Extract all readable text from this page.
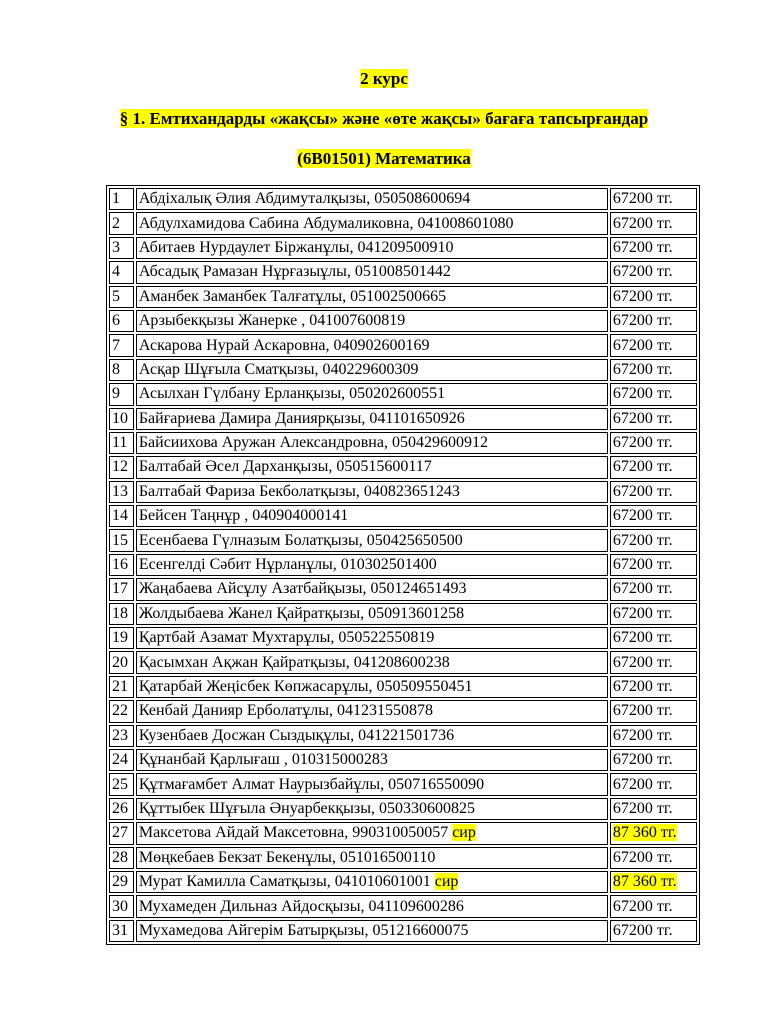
2 курс
§ 1. Емтихандарды «жақсы» және «өте жақсы» бағаға тапсырғандар
(6В01501) Математика
1	Абдіхалық Әлия Абдимуталқызы, 050508600694	67200 тг.
2	Абдулхамидова Сабина Абдумаликовна, 041008601080	67200 тг.
3	Абитаев Нурдаулет Біржанұлы, 041209500910	67200 тг.
4	Абсадық Рамазан Нұрғазыұлы, 051008501442	67200 тг.
5	Аманбек Заманбек Талғатұлы, 051002500665	67200 тг.
6	Арзыбекқызы Жанерке , 041007600819	67200 тг.
7	Аскарова Нурай Аскаровна, 040902600169	67200 тг.
8	Асқар Шұғыла Сматқызы, 040229600309	67200 тг.
9	Асылхан Гүлбану Ерланқызы, 050202600551	67200 тг.
10	Байғариева Дамира Даниярқызы, 041101650926	67200 тг.
11	Байсиихова Аружан Александровна, 050429600912	67200 тг.
12	Балтабай Әсел Дарханқызы, 050515600117	67200 тг.
13	Балтабай Фариза Бекболатқызы, 040823651243	67200 тг.
14	Бейсен Таңнұр , 040904000141	67200 тг.
15	Есенбаева Гүлназым Болатқызы, 050425650500	67200 тг.
16	Есенгелді Сәбит Нұрланұлы, 010302501400	67200 тг.
17	Жаңабаева Айсұлу Азатбайқызы, 050124651493	67200 тг.
18	Жолдыбаева Жанел Қайратқызы, 050913601258	67200 тг.
19	Қартбай Азамат Мухтарұлы, 050522550819	67200 тг.
20	Қасымхан Ақжан Қайратқызы, 041208600238	67200 тг.
21	Қатарбай Жеңісбек Көпжасарұлы, 050509550451	67200 тг.
22	Кенбай Данияр Ерболатұлы, 041231550878	67200 тг.
23	Кузенбаев Досжан Сыздықұлы, 041221501736	67200 тг.
24	Құнанбай Қарлығаш , 010315000283	67200 тг.
25	Құтмағамбет Алмат Наурызбайұлы, 050716550090	67200 тг.
26	Құттыбек Шұғыла Әнуарбекқызы, 050330600825	67200 тг.
27	Максетова Айдай Максетовна, 990310050057 сир	87 360 тг.
28	Мөңкебаев Бекзат Бекенұлы, 051016500110	67200 тг.
29	Мурат Камилла Саматқызы, 041010601001 сир	87 360 тг.
30	Мухамеден Дильназ Айдосқызы, 041109600286	67200 тг.
31	Мухамедова Айгерім Батырқызы, 051216600075	67200 тг.
